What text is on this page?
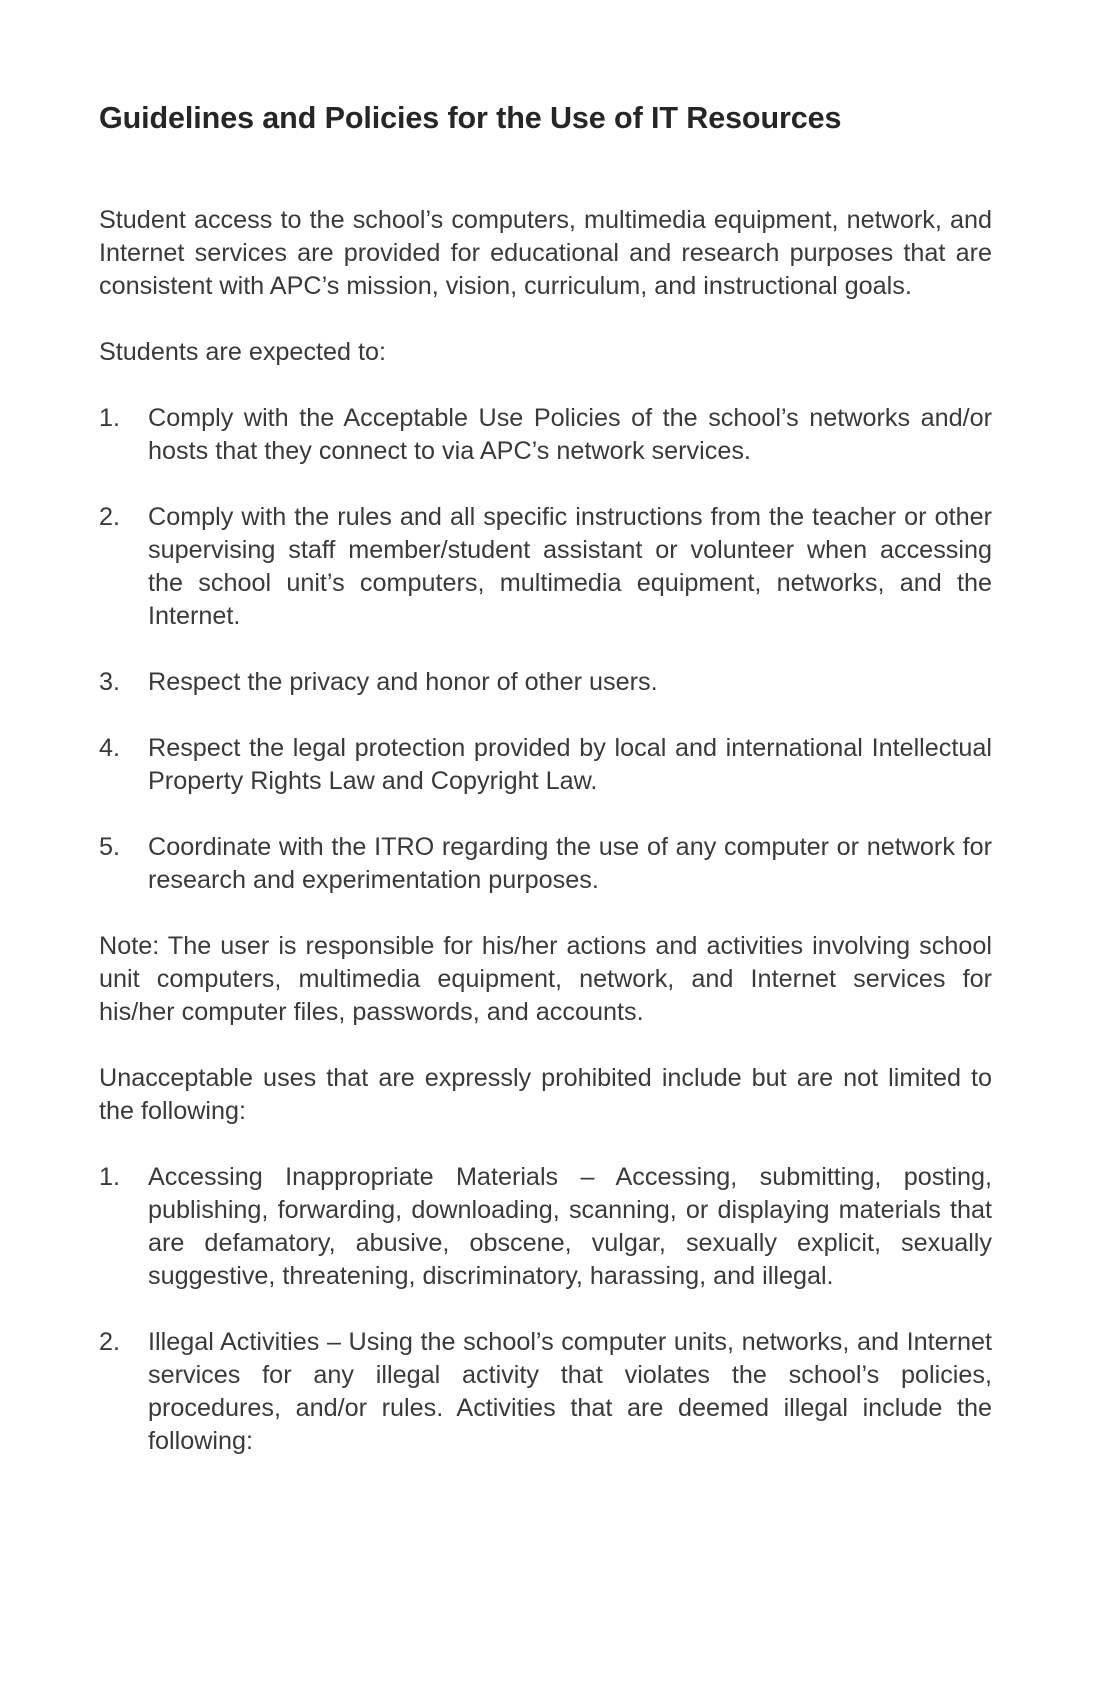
Guidelines and Policies for the Use of IT Resources

Student access to the school’s computers, multimedia equipment, network, and Internet services are provided for educational and research purposes that are consistent with APC’s mission, vision, curriculum, and instructional goals.

Students are expected to:

1. Comply with the Acceptable Use Policies of the school’s networks and/or hosts that they connect to via APC’s network services.
2. Comply with the rules and all specific instructions from the teacher or other supervising staff member/student assistant or volunteer when accessing the school unit’s computers, multimedia equipment, networks, and the Internet.
3. Respect the privacy and honor of other users.
4. Respect the legal protection provided by local and international Intellectual Property Rights Law and Copyright Law.
5. Coordinate with the ITRO regarding the use of any computer or network for research and experimentation purposes.

Note: The user is responsible for his/her actions and activities involving school unit computers, multimedia equipment, network, and Internet services for his/her computer files, passwords, and accounts.

Unacceptable uses that are expressly prohibited include but are not limited to the following:

1. Accessing Inappropriate Materials – Accessing, submitting, posting, publishing, forwarding, downloading, scanning, or displaying materials that are defamatory, abusive, obscene, vulgar, sexually explicit, sexually suggestive, threatening, discriminatory, harassing, and illegal.
2. Illegal Activities – Using the school’s computer units, networks, and Internet services for any illegal activity that violates the school’s policies, procedures, and/or rules. Activities that are deemed illegal include the following:
